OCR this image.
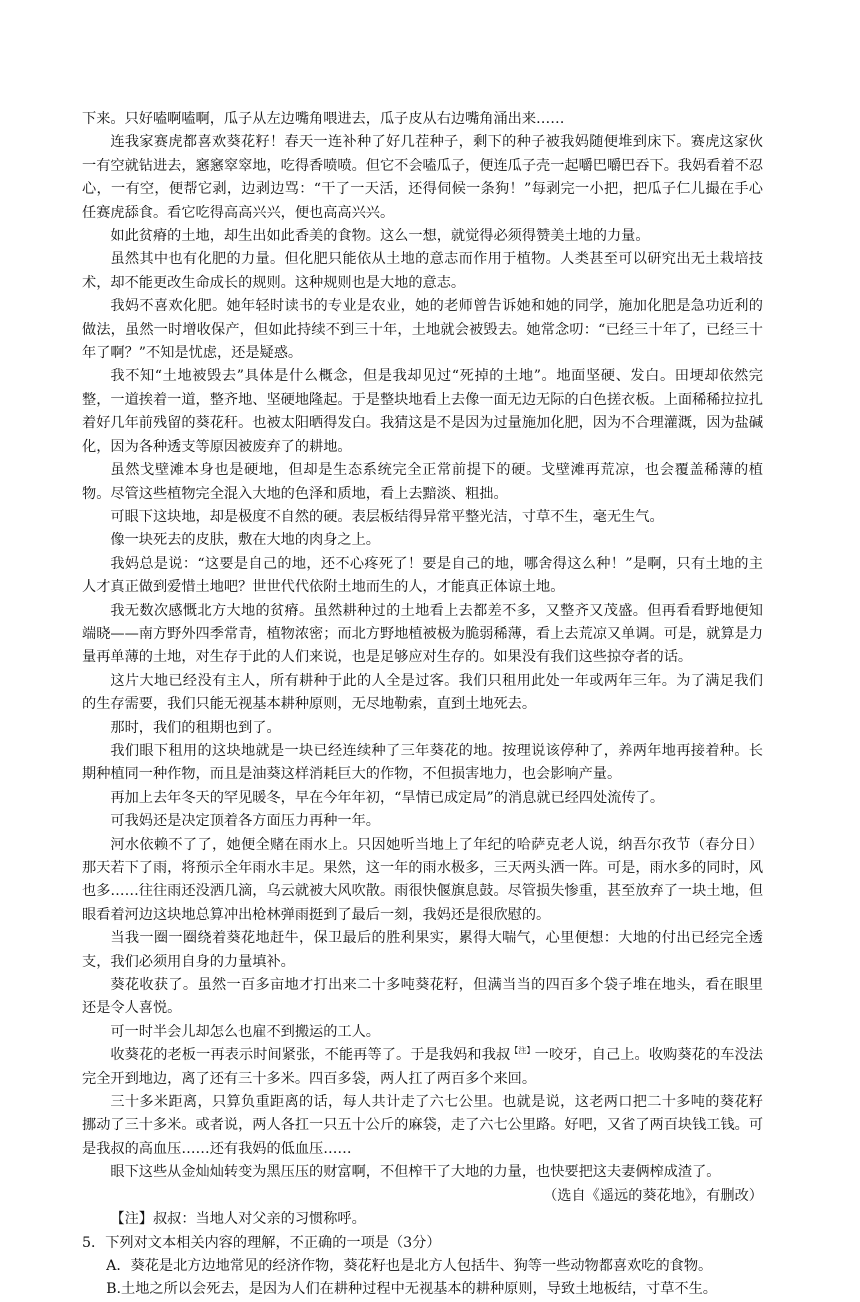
下来。只好嗑啊嗑啊，瓜子从左边嘴角喂进去，瓜子皮从右边嘴角涌出来……

连我家赛虎都喜欢葵花籽！春天一连补种了好几茬种子，剩下的种子被我妈随便堆到床下。赛虎这家伙一有空就钻进去，窸窸窣窣地，吃得香喷喷。但它不会嗑瓜子，便连瓜子壳一起嚼巴嚼巴吞下。我妈看着不忍心，一有空，便帮它剥，边剥边骂：“干了一天活，还得伺候一条狗！”每剥完一小把，把瓜子仁儿撮在手心任赛虎舔食。看它吃得高高兴兴，便也高高兴兴。

如此贫瘠的土地，却生出如此香美的食物。这么一想，就觉得必须得赞美土地的力量。

虽然其中也有化肥的力量。但化肥只能依从土地的意志而作用于植物。人类甚至可以研究出无土栽培技术，却不能更改生命成长的规则。这种规则也是大地的意志。

我妈不喜欢化肥。她年轻时读书的专业是农业，她的老师曾告诉她和她的同学，施加化肥是急功近利的做法，虽然一时增收保产，但如此持续不到三十年，土地就会被毁去。她常念叨：“已经三十年了，已经三十年了啊？”不知是忧虑，还是疑惑。

我不知“土地被毁去”具体是什么概念，但是我却见过“死掉的土地”。地面坚硬、发白。田埂却依然完整，一道挨着一道，整齐地、坚硬地隆起。于是整块地看上去像一面无边无际的白色搓衣板。上面稀稀拉拉扎着好几年前残留的葵花秆。也被太阳晒得发白。我猜这是不是因为过量施加化肥，因为不合理灌溉，因为盐碱化，因为各种透支等原因被废弃了的耕地。

虽然戈壁滩本身也是硬地，但却是生态系统完全正常前提下的硬。戈壁滩再荒凉，也会覆盖稀薄的植物。尽管这些植物完全混入大地的色泽和质地，看上去黯淡、粗拙。

可眼下这块地，却是极度不自然的硬。表层板结得异常平整光洁，寸草不生，毫无生气。

像一块死去的皮肤，敷在大地的肉身之上。

我妈总是说：“这要是自己的地，还不心疼死了！要是自己的地，哪舍得这么种！”是啊，只有土地的主人才真正做到爱惜土地吧？世世代代依附土地而生的人，才能真正体谅土地。

我无数次感慨北方大地的贫瘠。虽然耕种过的土地看上去都差不多，又整齐又茂盛。但再看看野地便知端晓——南方野外四季常青，植物浓密；而北方野地植被极为脆弱稀薄，看上去荒凉又单调。可是，就算是力量再单薄的土地，对生存于此的人们来说，也是足够应对生存的。如果没有我们这些掠夺者的话。

这片大地已经没有主人，所有耕种于此的人全是过客。我们只租用此处一年或两年三年。为了满足我们的生存需要，我们只能无视基本耕种原则，无尽地勒索，直到土地死去。

那时，我们的租期也到了。

我们眼下租用的这块地就是一块已经连续种了三年葵花的地。按理说该停种了，养两年地再接着种。长期种植同一种作物，而且是油葵这样消耗巨大的作物，不但损害地力，也会影响产量。

再加上去年冬天的罕见暖冬，早在今年年初，“旱情已成定局”的消息就已经四处流传了。

可我妈还是决定顶着各方面压力再种一年。

河水依赖不了了，她便全赌在雨水上。只因她听当地上了年纪的哈萨克老人说，纳吾尔孜节（春分日）那天若下了雨，将预示全年雨水丰足。果然，这一年的雨水极多，三天两头洒一阵。可是，雨水多的同时，风也多……往往雨还没洒几滴，乌云就被大风吹散。雨很快偃旗息鼓。尽管损失惨重，甚至放弃了一块土地，但眼看着河边这块地总算冲出枪林弹雨挺到了最后一刻，我妈还是很欣慰的。

当我一圈一圈绕着葵花地赶牛，保卫最后的胜利果实，累得大喘气，心里便想：大地的付出已经完全透支，我们必须用自身的力量填补。

葵花收获了。虽然一百多亩地才打出来二十多吨葵花籽，但满当当的四百多个袋子堆在地头，看在眼里还是令人喜悦。

可一时半会儿却怎么也雇不到搬运的工人。

收葵花的老板一再表示时间紧张，不能再等了。于是我妈和我叔$^{【注】}$一咬牙，自己上。收购葵花的车没法完全开到地边，离了还有三十多米。四百多袋，两人扛了两百多个来回。

三十多米距离，只算负重距离的话，每人共计走了六七公里。也就是说，这老两口把二十多吨的葵花籽挪动了三十多米。或者说，两人各扛一只五十公斤的麻袋，走了六七公里路。好吧，又省了两百块钱工钱。可是我叔的高血压……还有我妈的低血压……

眼下这些从金灿灿转变为黑压压的财富啊，不但榨干了大地的力量，也快要把这夫妻俩榨成渣了。

（选自《遥远的葵花地》，有删改）

【注】叔叔：当地人对父亲的习惯称呼。

5．下列对文本相关内容的理解，不正确的一项是（3分）

A．葵花是北方边地常见的经济作物，葵花籽也是北方人包括牛、狗等一些动物都喜欢吃的食物。

B.土地之所以会死去，是因为人们在耕种过程中无视基本的耕种原则，导致土地板结，寸草不生。
